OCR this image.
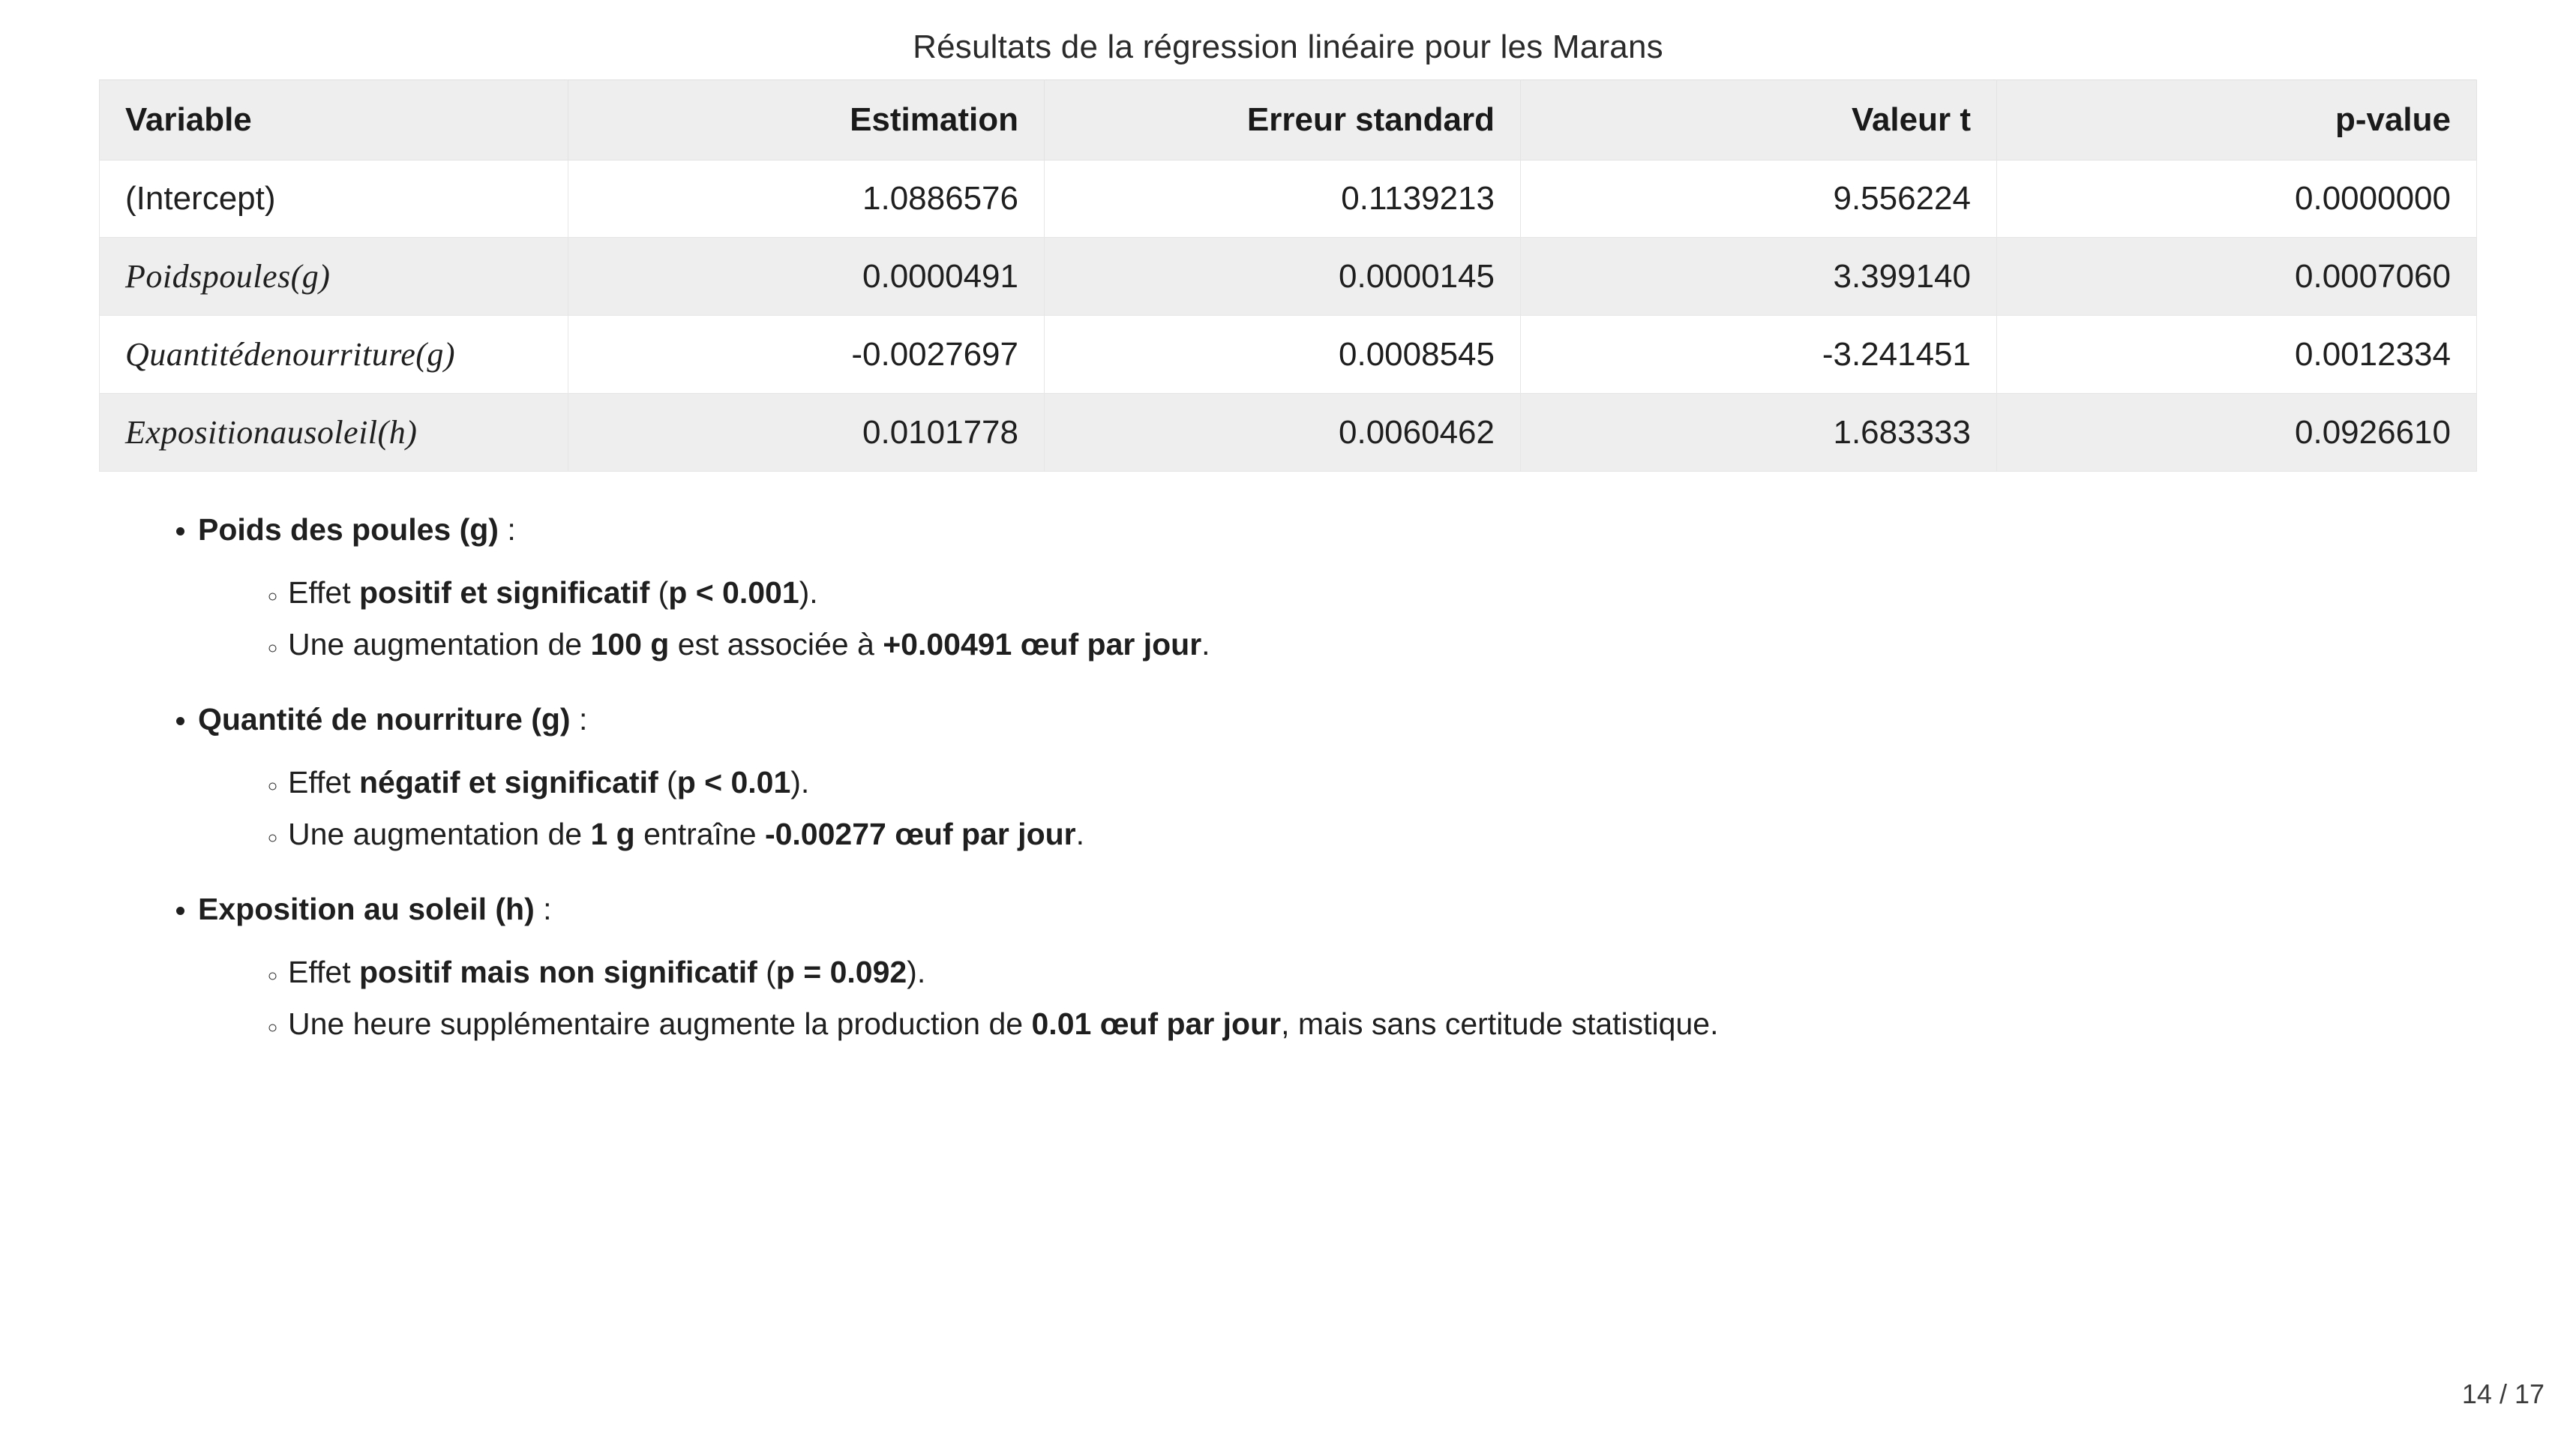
Résultats de la régression linéaire pour les Marans
Variable	Estimation	Erreur standard	Valeur t	p-value
(Intercept)	1.0886576	0.1139213	9.556224	0.0000000
Poidspoules(g)	0.0000491	0.0000145	3.399140	0.0007060
Quantitédenourriture(g)	-0.0027697	0.0008545	-3.241451	0.0012334
Expositionausoleil(h)	0.0101778	0.0060462	1.683333	0.0926610
• Poids des poules (g) :
◦ Effet positif et significatif (p < 0.001).
◦ Une augmentation de 100 g est associée à +0.00491 œuf par jour.
• Quantité de nourriture (g) :
◦ Effet négatif et significatif (p < 0.01).
◦ Une augmentation de 1 g entraîne -0.00277 œuf par jour.
• Exposition au soleil (h) :
◦ Effet positif mais non significatif (p = 0.092).
◦ Une heure supplémentaire augmente la production de 0.01 œuf par jour, mais sans certitude statistique.
14 / 17
